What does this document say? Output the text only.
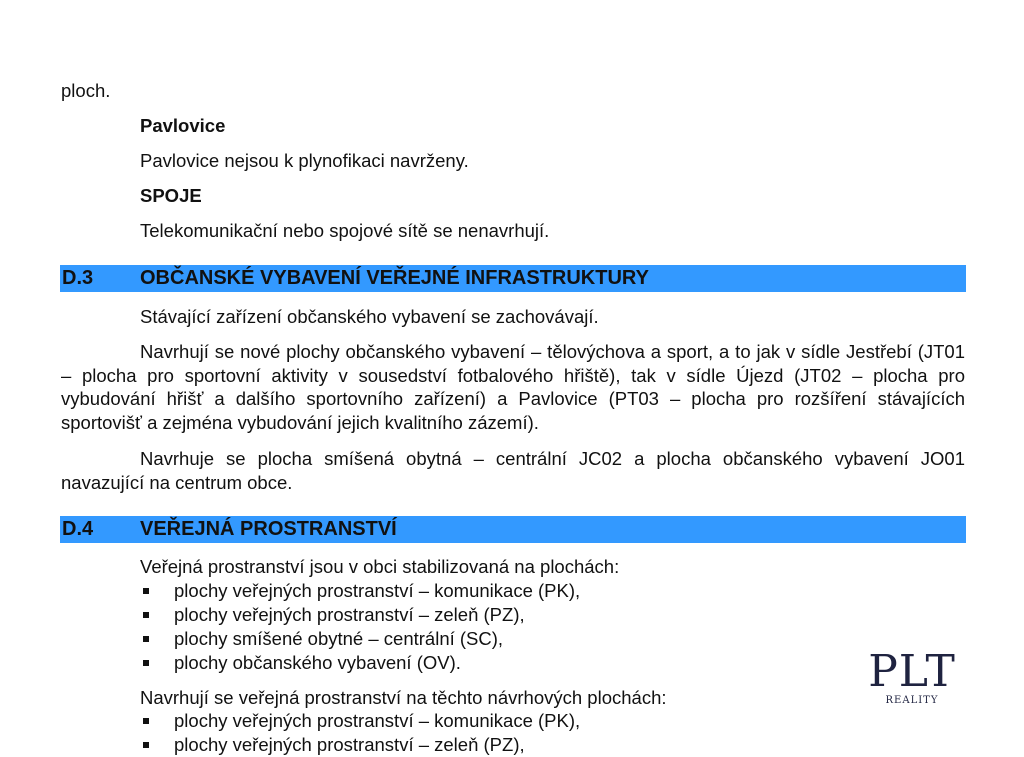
ploch.
Pavlovice
Pavlovice nejsou k plynofikaci navrženy.
SPOJE
Telekomunikační nebo spojové sítě se nenavrhují.
D.3 OBČANSKÉ VYBAVENÍ VEŘEJNÉ INFRASTRUKTURY
Stávající zařízení občanského vybavení se zachovávají.
Navrhují se nové plochy občanského vybavení – tělovýchova a sport, a to jak v sídle Jestřebí (JT01 – plocha pro sportovní aktivity v sousedství fotbalového hřiště), tak v sídle Újezd (JT02 – plocha pro vybudování hřišť a dalšího sportovního zařízení) a Pavlovice (PT03 – plocha pro rozšíření stávajících sportovišť a zejména vybudování jejich kvalitního zázemí).
Navrhuje se plocha smíšená obytná – centrální JC02 a plocha občanského vybavení JO01 navazující na centrum obce.
D.4 VEŘEJNÁ PROSTRANSTVÍ
Veřejná prostranství jsou v obci stabilizovaná na plochách:
plochy veřejných prostranství – komunikace (PK),
plochy veřejných prostranství – zeleň (PZ),
plochy smíšené obytné – centrální (SC),
plochy občanského vybavení (OV).
Navrhují se veřejná prostranství na těchto návrhových plochách:
plochy veřejných prostranství – komunikace (PK),
plochy veřejných prostranství – zeleň (PZ),
PLT
REALITY
